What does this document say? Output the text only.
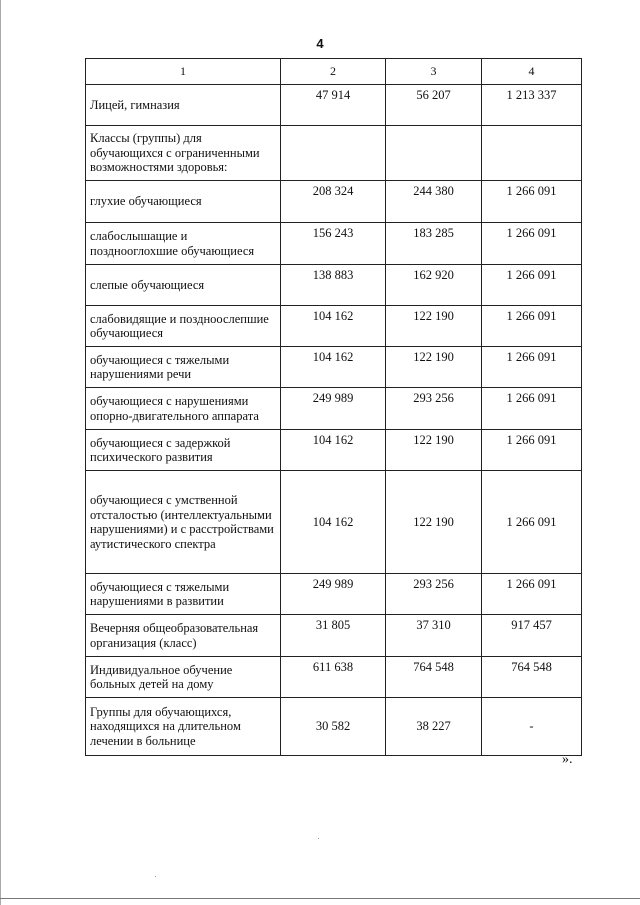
4
1	2	3	4
Лицей, гимназия	47 914	56 207	1 213 337
Классы (группы) для обучающихся с ограниченными возможностями здоровья:			
глухие обучающиеся	208 324	244 380	1 266 091
слабослышащие и позднооглохшие обучающиеся	156 243	183 285	1 266 091
слепые обучающиеся	138 883	162 920	1 266 091
слабовидящие и поздноослепшие обучающиеся	104 162	122 190	1 266 091
обучающиеся с тяжелыми нарушениями речи	104 162	122 190	1 266 091
обучающиеся с нарушениями опорно-двигательного аппарата	249 989	293 256	1 266 091
обучающиеся с задержкой психического развития	104 162	122 190	1 266 091
обучающиеся с умственной отсталостью (интеллектуальными нарушениями) и с расстройствами аутистического спектра	104 162	122 190	1 266 091
обучающиеся с тяжелыми нарушениями в развитии	249 989	293 256	1 266 091
Вечерняя общеобразовательная организация (класс)	31 805	37 310	917 457
Индивидуальное обучение больных детей на дому	611 638	764 548	764 548
Группы для обучающихся, находящихся на длительном лечении в больнице	30 582	38 227	-
».
